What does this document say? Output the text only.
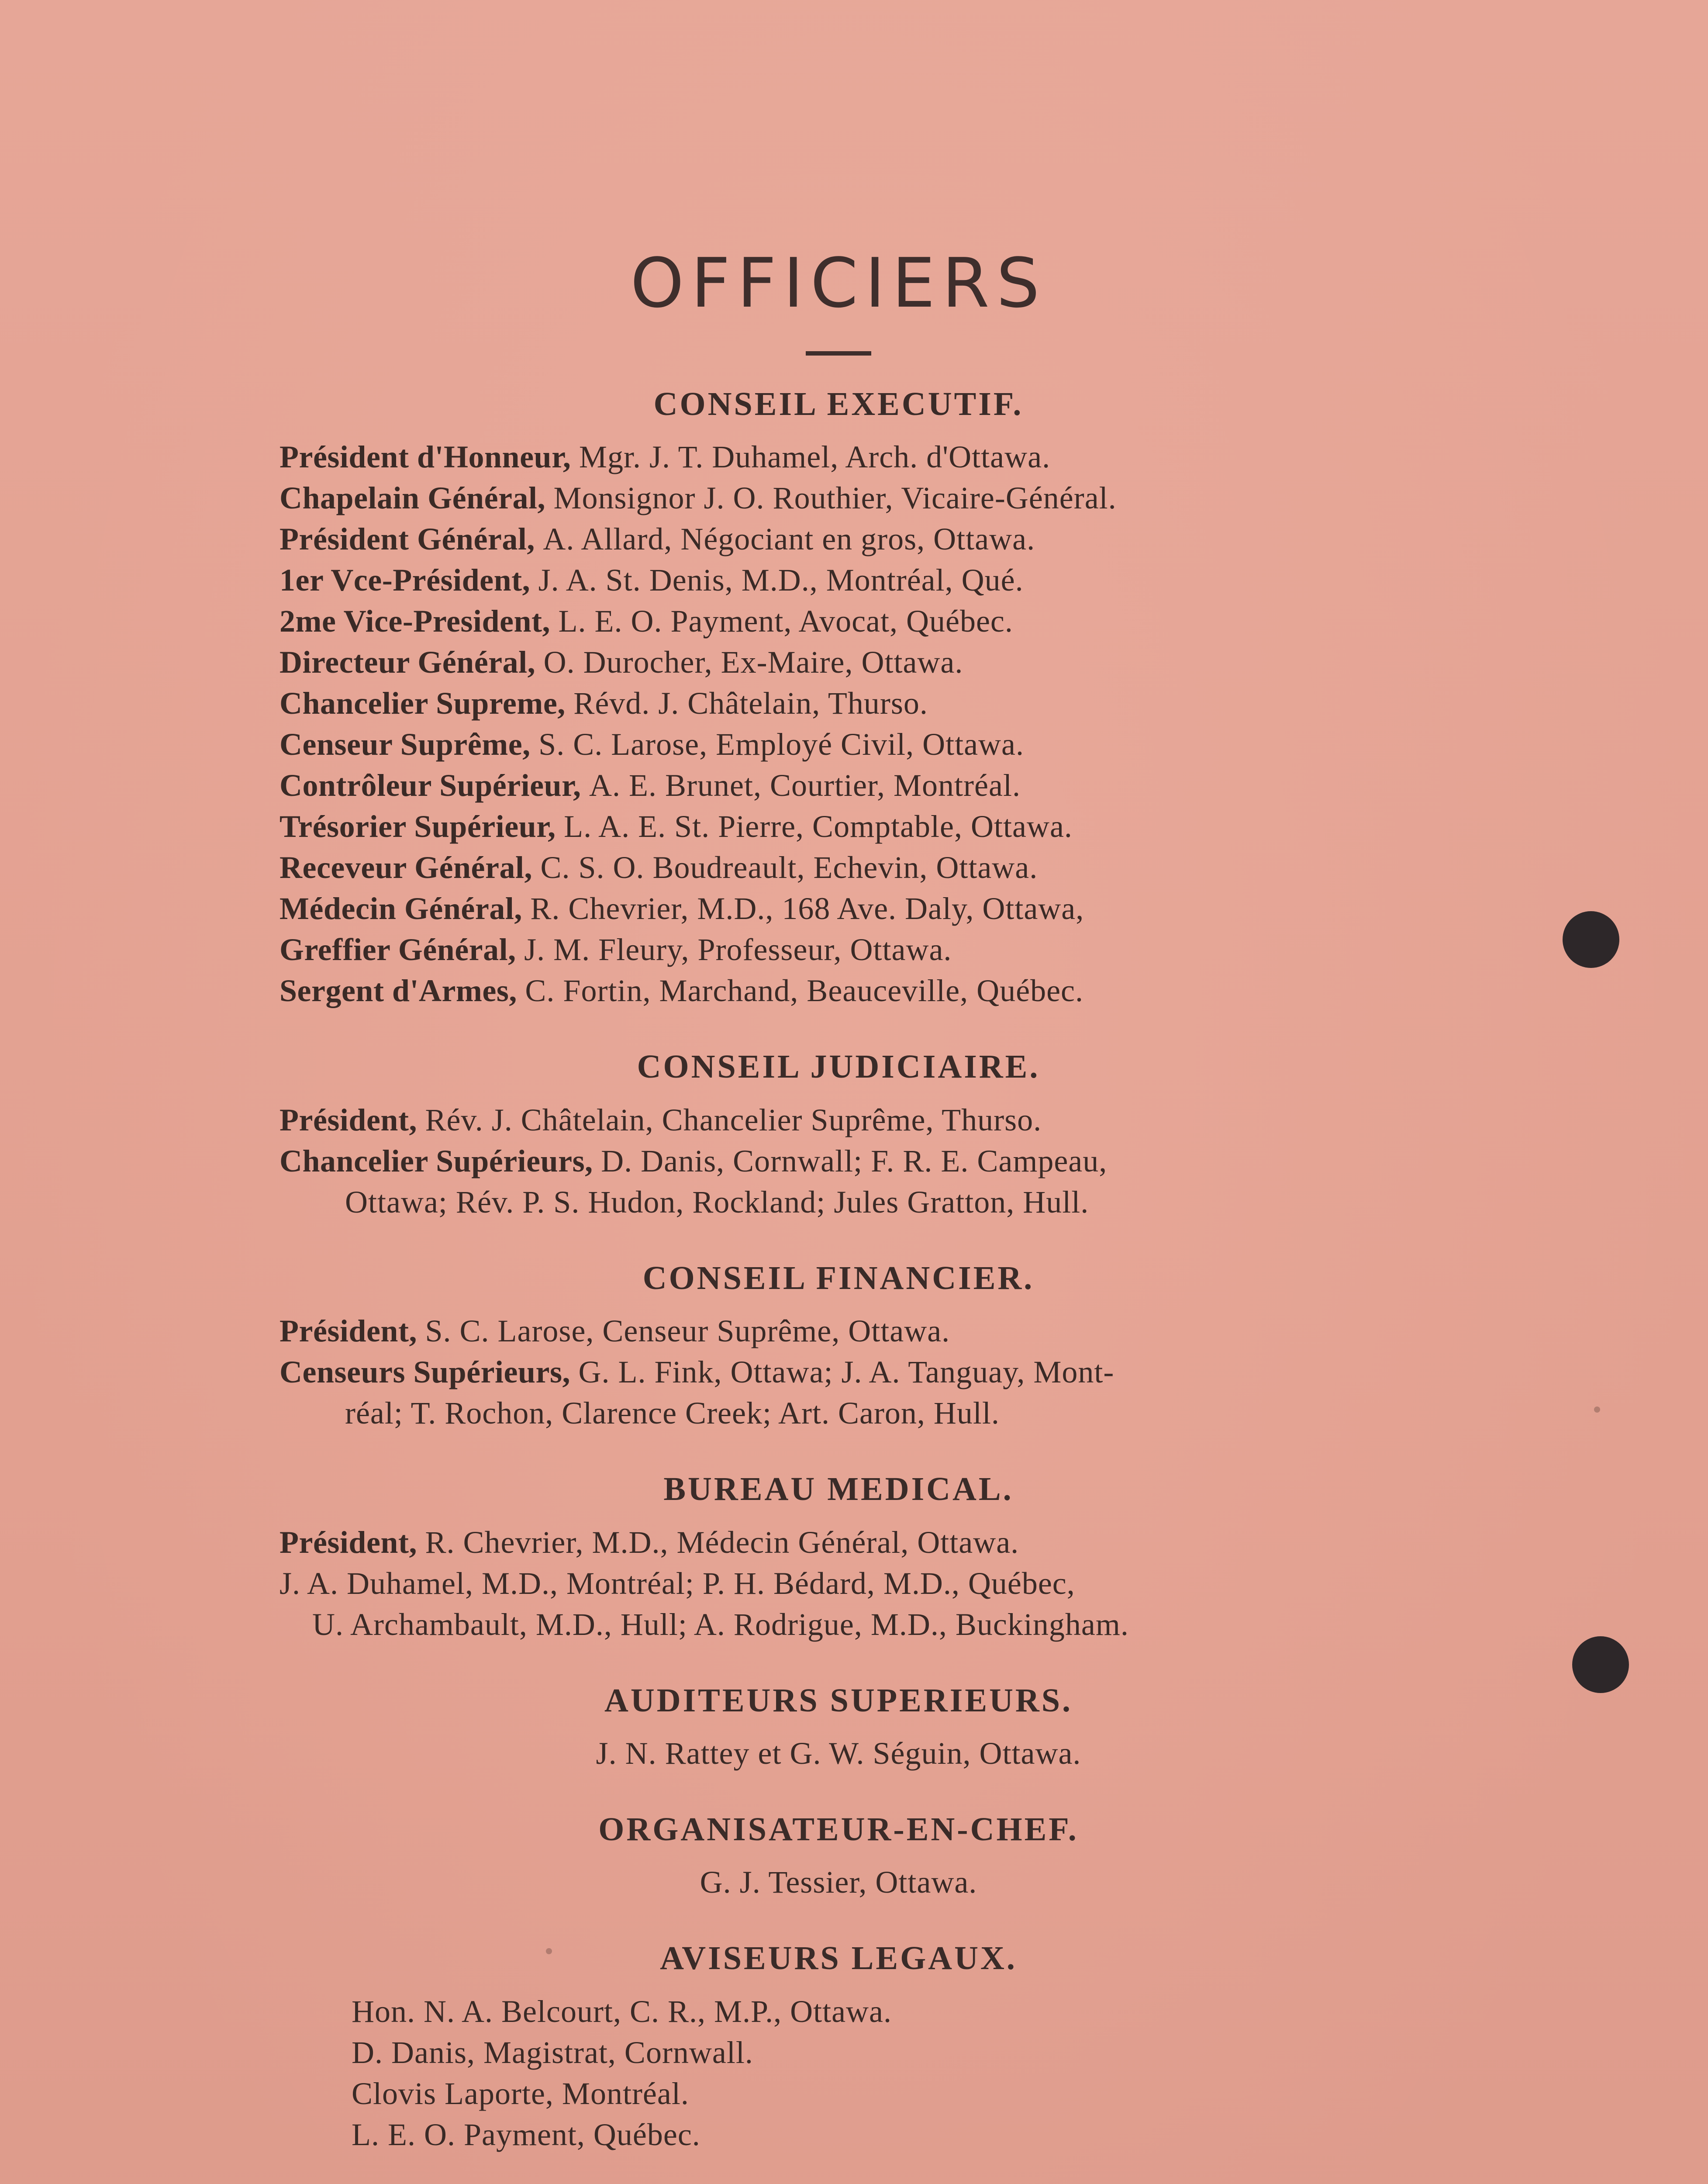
OFFICIERS
CONSEIL EXECUTIF.
Président d'Honneur , Mgr. J. T. Duhamel, Arch. d'Ottawa.
Chapelain Général , Monsignor J. O. Routhier, Vicaire-Général.
Président Général , A. Allard, Négociant en gros, Ottawa.
1er Vce-Président , J. A. St. Denis, M.D., Montréal, Qué.
2me Vice-President , L. E. O. Payment, Avocat, Québec.
Directeur Général , O. Durocher, Ex-Maire, Ottawa.
Chancelier Supreme , Révd. J. Châtelain, Thurso.
Censeur Suprême , S. C. Larose, Employé Civil, Ottawa.
Contrôleur Supérieur , A. E. Brunet, Courtier, Montréal.
Trésorier Supérieur , L. A. E. St. Pierre, Comptable, Ottawa.
Receveur Général , C. S. O. Boudreault, Echevin, Ottawa.
Médecin Général , R. Chevrier, M.D., 168 Ave. Daly, Ottawa,
Greffier Général , J. M. Fleury, Professeur, Ottawa.
Sergent d'Armes , C. Fortin, Marchand, Beauceville, Québec.
CONSEIL JUDICIAIRE.
Président , Rév. J. Châtelain, Chancelier Suprême, Thurso.
Chancelier Supérieurs , D. Danis, Cornwall; F. R. E. Campeau,
Ottawa; Rév. P. S. Hudon, Rockland; Jules Gratton, Hull.
CONSEIL FINANCIER.
Président , S. C. Larose, Censeur Suprême, Ottawa.
Censeurs Supérieurs , G. L. Fink, Ottawa; J. A. Tanguay, Mont-
réal; T. Rochon, Clarence Creek; Art. Caron, Hull.
BUREAU MEDICAL.
Président , R. Chevrier, M.D., Médecin Général, Ottawa.
J. A. Duhamel, M.D., Montréal; P. H. Bédard, M.D., Québec,
U. Archambault, M.D., Hull; A. Rodrigue, M.D., Buckingham.
AUDITEURS SUPERIEURS.
J. N. Rattey et G. W. Séguin, Ottawa.
ORGANISATEUR-EN-CHEF.
G. J. Tessier, Ottawa.
AVISEURS LEGAUX.
Hon. N. A. Belcourt, C. R., M.P., Ottawa.
D. Danis, Magistrat, Cornwall.
Clovis Laporte, Montréal.
L. E. O. Payment, Québec.
